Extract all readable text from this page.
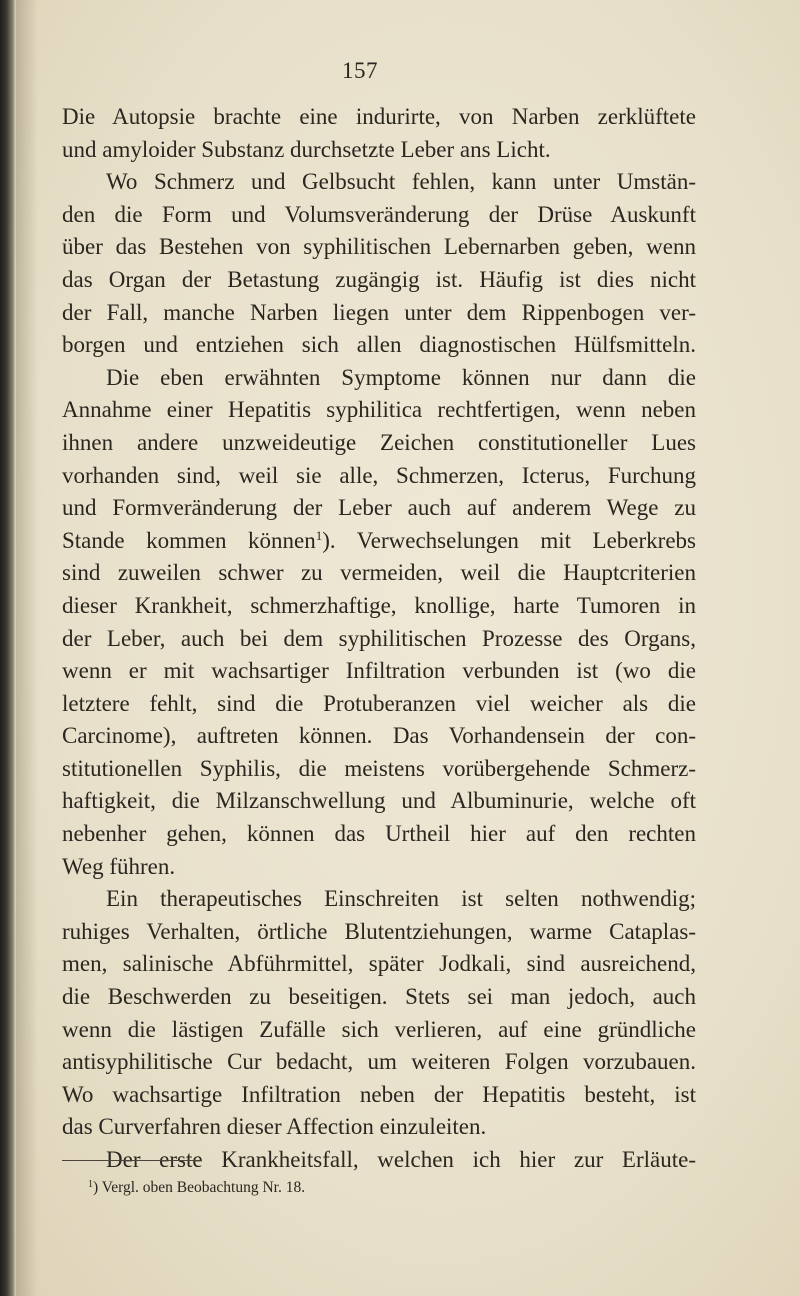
157
Die Autopsie brachte eine indurirte, von Narben zerklüftete
und amyloider Substanz durchsetzte Leber ans Licht.
Wo Schmerz und Gelbsucht fehlen, kann unter Umstän-
den die Form und Volumsveränderung der Drüse Auskunft
über das Bestehen von syphilitischen Lebernarben geben, wenn
das Organ der Betastung zugängig ist. Häufig ist dies nicht
der Fall, manche Narben liegen unter dem Rippenbogen ver-
borgen und entziehen sich allen diagnostischen Hülfsmitteln.
Die eben erwähnten Symptome können nur dann die
Annahme einer Hepatitis syphilitica rechtfertigen, wenn neben
ihnen andere unzweideutige Zeichen constitutioneller Lues
vorhanden sind, weil sie alle, Schmerzen, Icterus, Furchung
und Formveränderung der Leber auch auf anderem Wege zu
Stande kommen können$^1$). Verwechselungen mit Leberkrebs
sind zuweilen schwer zu vermeiden, weil die Hauptcriterien
dieser Krankheit, schmerzhaftige, knollige, harte Tumoren in
der Leber, auch bei dem syphilitischen Prozesse des Organs,
wenn er mit wachsartiger Infiltration verbunden ist (wo die
letztere fehlt, sind die Protuberanzen viel weicher als die
Carcinome), auftreten können. Das Vorhandensein der con-
stitutionellen Syphilis, die meistens vorübergehende Schmerz-
haftigkeit, die Milzanschwellung und Albuminurie, welche oft
nebenher gehen, können das Urtheil hier auf den rechten
Weg führen.
Ein therapeutisches Einschreiten ist selten nothwendig;
ruhiges Verhalten, örtliche Blutentziehungen, warme Cataplas-
men, salinische Abführmittel, später Jodkali, sind ausreichend,
die Beschwerden zu beseitigen. Stets sei man jedoch, auch
wenn die lästigen Zufälle sich verlieren, auf eine gründliche
antisyphilitische Cur bedacht, um weiteren Folgen vorzubauen.
Wo wachsartige Infiltration neben der Hepatitis besteht, ist
das Curverfahren dieser Affection einzuleiten.
Der erste Krankheitsfall, welchen ich hier zur Erläute-
$^1$) Vergl. oben Beobachtung Nr. 18.
